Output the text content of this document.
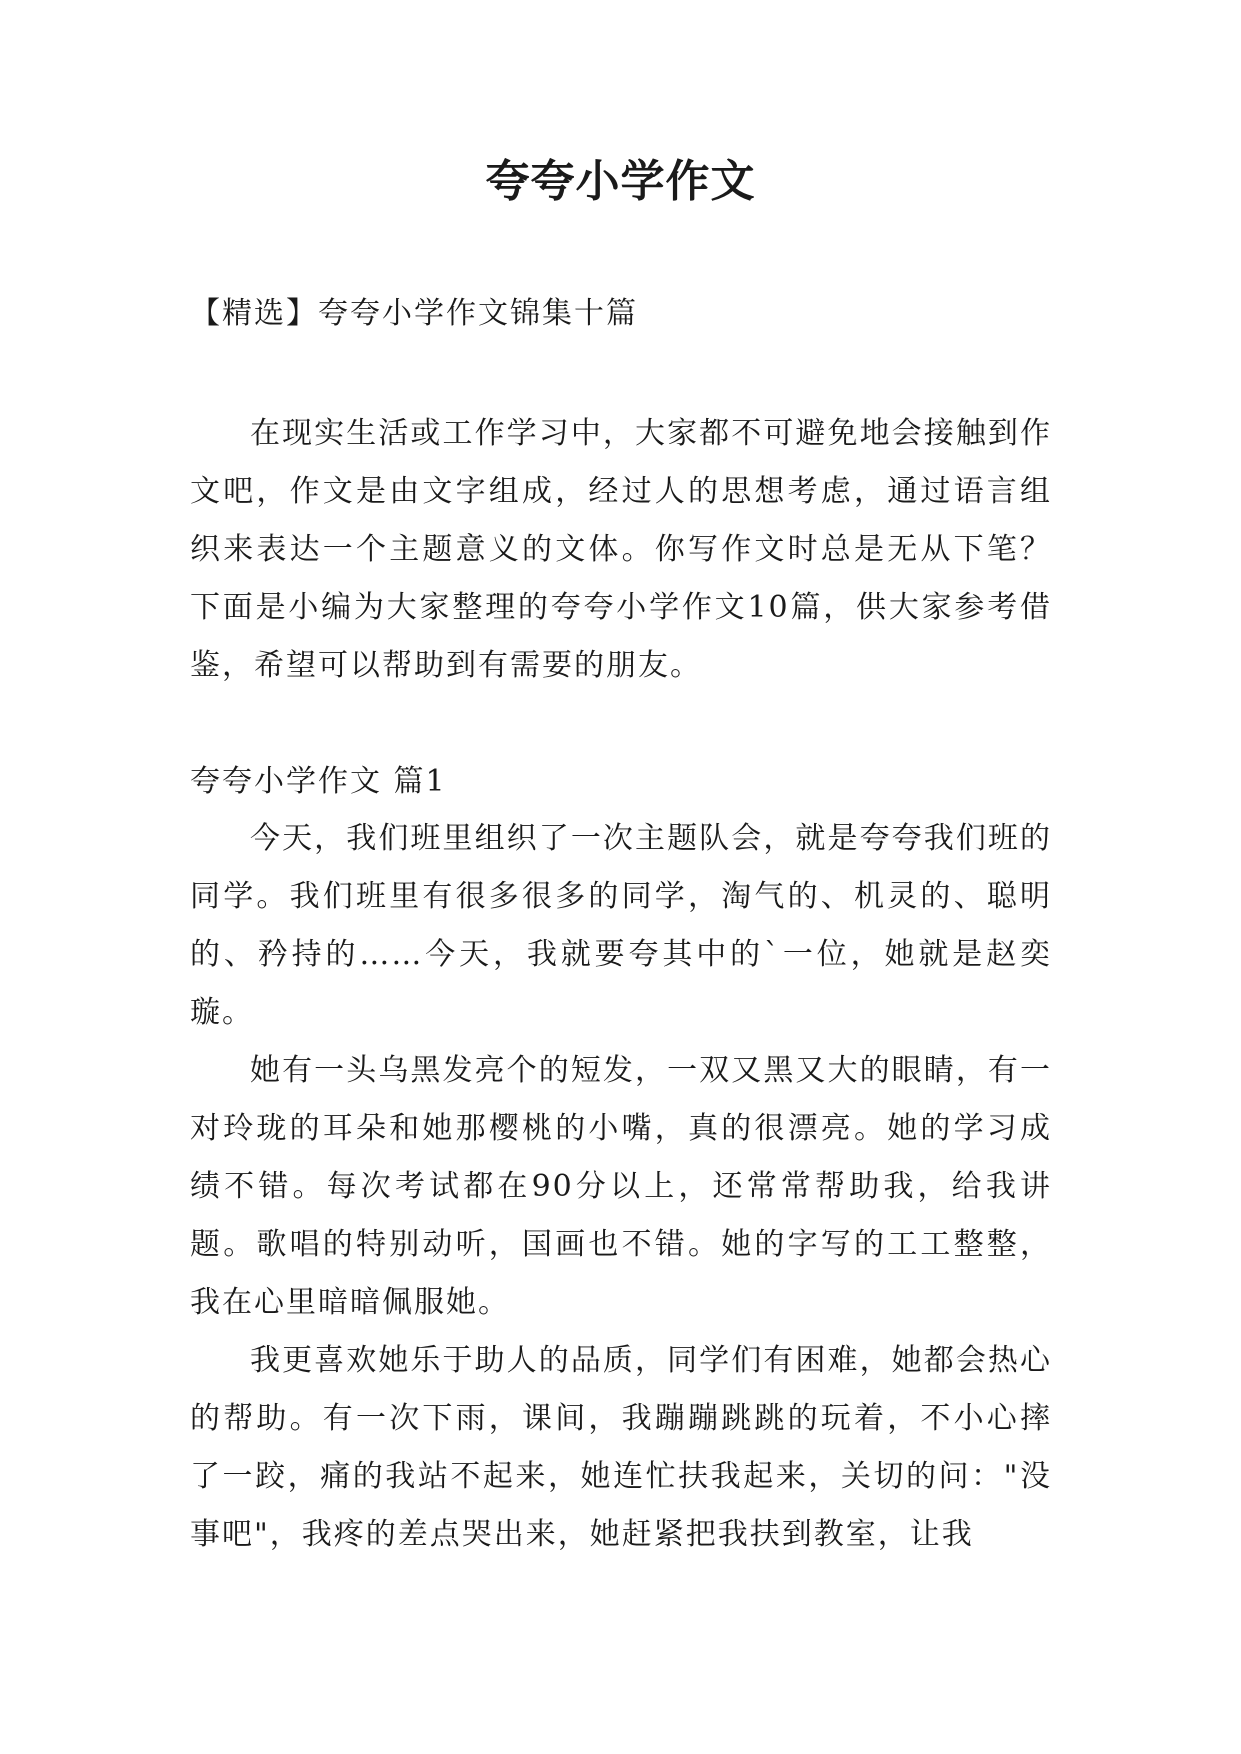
夸夸小学作文
【精选】夸夸小学作文锦集十篇

在现实生活或工作学习中，大家都不可避免地会接触到作文吧，作文是由文字组成，经过人的思想考虑，通过语言组织来表达一个主题意义的文体。你写作文时总是无从下笔？下面是小编为大家整理的夸夸小学作文10篇，供大家参考借鉴，希望可以帮助到有需要的朋友。

夸夸小学作文 篇1

今天，我们班里组织了一次主题队会，就是夸夸我们班的同学。我们班里有很多很多的同学，淘气的、机灵的、聪明的、矜持的……今天，我就要夸其中的`一位，她就是赵奕璇。

她有一头乌黑发亮个的短发，一双又黑又大的眼睛，有一对玲珑的耳朵和她那樱桃的小嘴，真的很漂亮。她的学习成绩不错。每次考试都在90分以上，还常常帮助我，给我讲题。歌唱的特别动听，国画也不错。她的字写的工工整整，我在心里暗暗佩服她。

我更喜欢她乐于助人的品质，同学们有困难，她都会热心的帮助。有一次下雨，课间，我蹦蹦跳跳的玩着，不小心摔了一跤，痛的我站不起来，她连忙扶我起来，关切的问："没事吧"，我疼的差点哭出来，她赶紧把我扶到教室，让我
